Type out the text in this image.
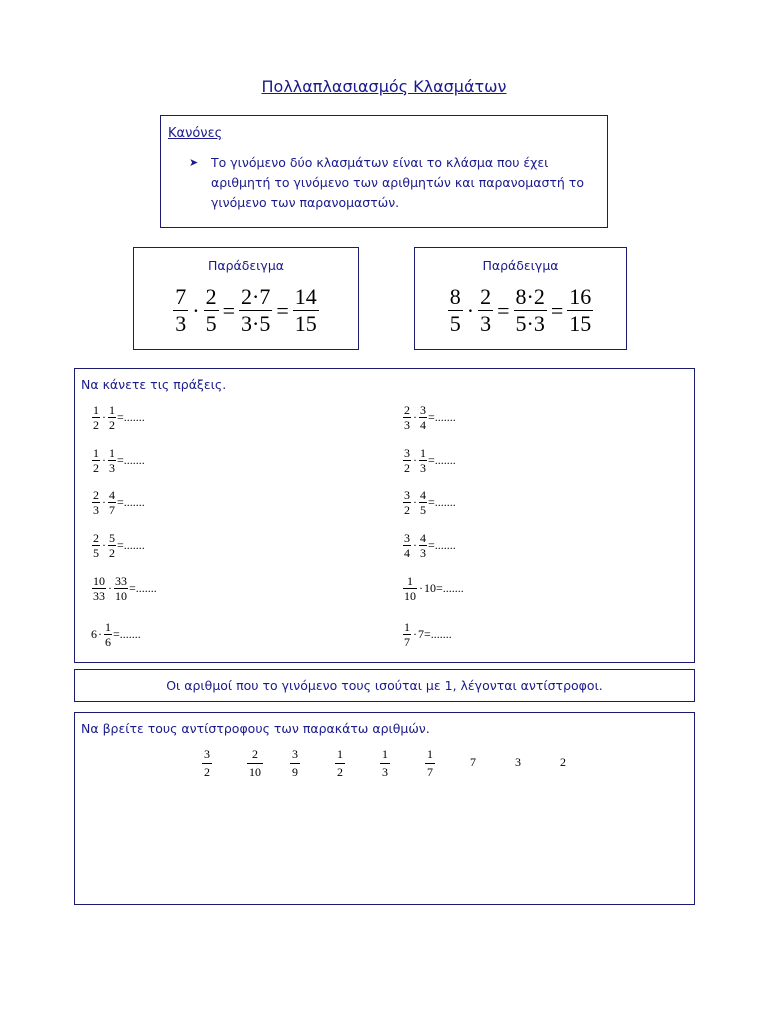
Πολλαπλασιασμός Κλασμάτων
Κανόνες
➤ Το γινόμενο δύο κλασμάτων είναι το κλάσμα που έχει αριθμητή το γινόμενο των αριθμητών και παρανομαστή το γινόμενο των παρανομαστών.
Παράδειγμα
7
3
·
2
5
=
2·7
3·5
=
14
15
Παράδειγμα
8
5
·
2
3
=
8·2
5·3
=
16
15
Να κάνετε τις πράξεις.
1
2
· 1
2
=.......
1
2
· 1
3
=.......
2
3
· 4
7
=.......
2
5
· 5
2
=.......
10
33
· 33
10
=.......
6 · 1
6
=.......
2
3
· 3
4
=.......
3
2
· 1
3
=.......
3
2
· 4
5
=.......
3
4
· 4
3
=.......
1
10
· 10 =.......
1
7
· 7 =.......
Οι αριθμοί που το γινόμενο τους ισούται με 1, λέγονται αντίστροφοι.
Να βρείτε τους αντίστροφους των παρακάτω αριθμών.
3
2
2
10
3
9
1
2
1
3
1
7
7	3	2
